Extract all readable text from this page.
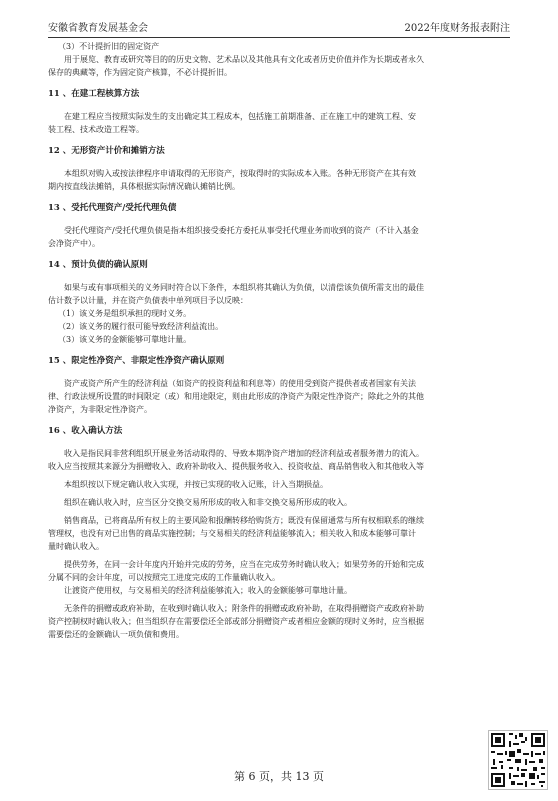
安徽省教育发展基金会	2022年度财务报表附注
（3）不计提折旧的固定资产
用于展览、教育或研究等目的的历史文物、艺术品以及其他具有文化或者历史价值并作为长期或者永久
保存的典藏等，作为固定资产核算，不必计提折旧。
11 、在建工程核算方法
在建工程应当按照实际发生的支出确定其工程成本，包括施工前期准备、正在施工中的建筑工程、安
装工程、技术改造工程等。
12 、无形资产计价和摊销方法
本组织对购入或按法律程序申请取得的无形资产，按取得时的实际成本入账。各种无形资产在其有效
期内按直线法摊销，具体根据实际情况确认摊销比例。
13 、受托代理资产/受托代理负债
受托代理资产/受托代理负债是指本组织接受委托方委托从事受托代理业务而收到的资产（不计入基金
会净资产中）。
14 、预计负债的确认原则
如果与或有事项相关的义务同时符合以下条件，本组织将其确认为负债，以清偿该负债所需支出的最佳
估计数予以计量，并在资产负债表中单列项目予以反映：
（1）该义务是组织承担的现时义务。
（2）该义务的履行很可能导致经济利益流出。
（3）该义务的金额能够可靠地计量。
15 、限定性净资产、非限定性净资产确认原则
资产或资产所产生的经济利益（如资产的投资利益和利息等）的使用受到资产提供者或者国家有关法
律、行政法规所设置的时间限定（或）和用途限定，则由此形成的净资产为限定性净资产；除此之外的其他
净资产，为非限定性净资产。
16 、收入确认方法
收入是指民间非营利组织开展业务活动取得的、导致本期净资产增加的经济利益或者服务潜力的流入。
收入应当按照其来源分为捐赠收入、政府补助收入、提供服务收入、投资收益、商品销售收入和其他收入等
本组织按以下规定确认收入实现，并按已实现的收入记账，计入当期损益。
组织在确认收入时，应当区分交换交易所形成的收入和非交换交易所形成的收入。
销售商品，已将商品所有权上的主要风险和报酬转移给购货方；既没有保留通常与所有权相联系的继续
管理权，也没有对已出售的商品实施控制；与交易相关的经济利益能够流入；相关收入和成本能够可靠计
量时确认收入。
提供劳务，在同一会计年度内开始并完成的劳务，应当在完成劳务时确认收入；如果劳务的开始和完成
分属不同的会计年度，可以按照完工进度完成的工作量确认收入。
让渡资产使用权，与交易相关的经济利益能够流入；收入的金额能够可靠地计量。
无条件的捐赠或政府补助，在收到时确认收入；附条件的捐赠或政府补助，在取得捐赠资产或政府补助
资产控制权时确认收入；但当组织存在需要偿还全部或部分捐赠资产或者相应金额的现时义务时，应当根据
需要偿还的金额确认一项负债和费用。
第 6 页，共 13 页
